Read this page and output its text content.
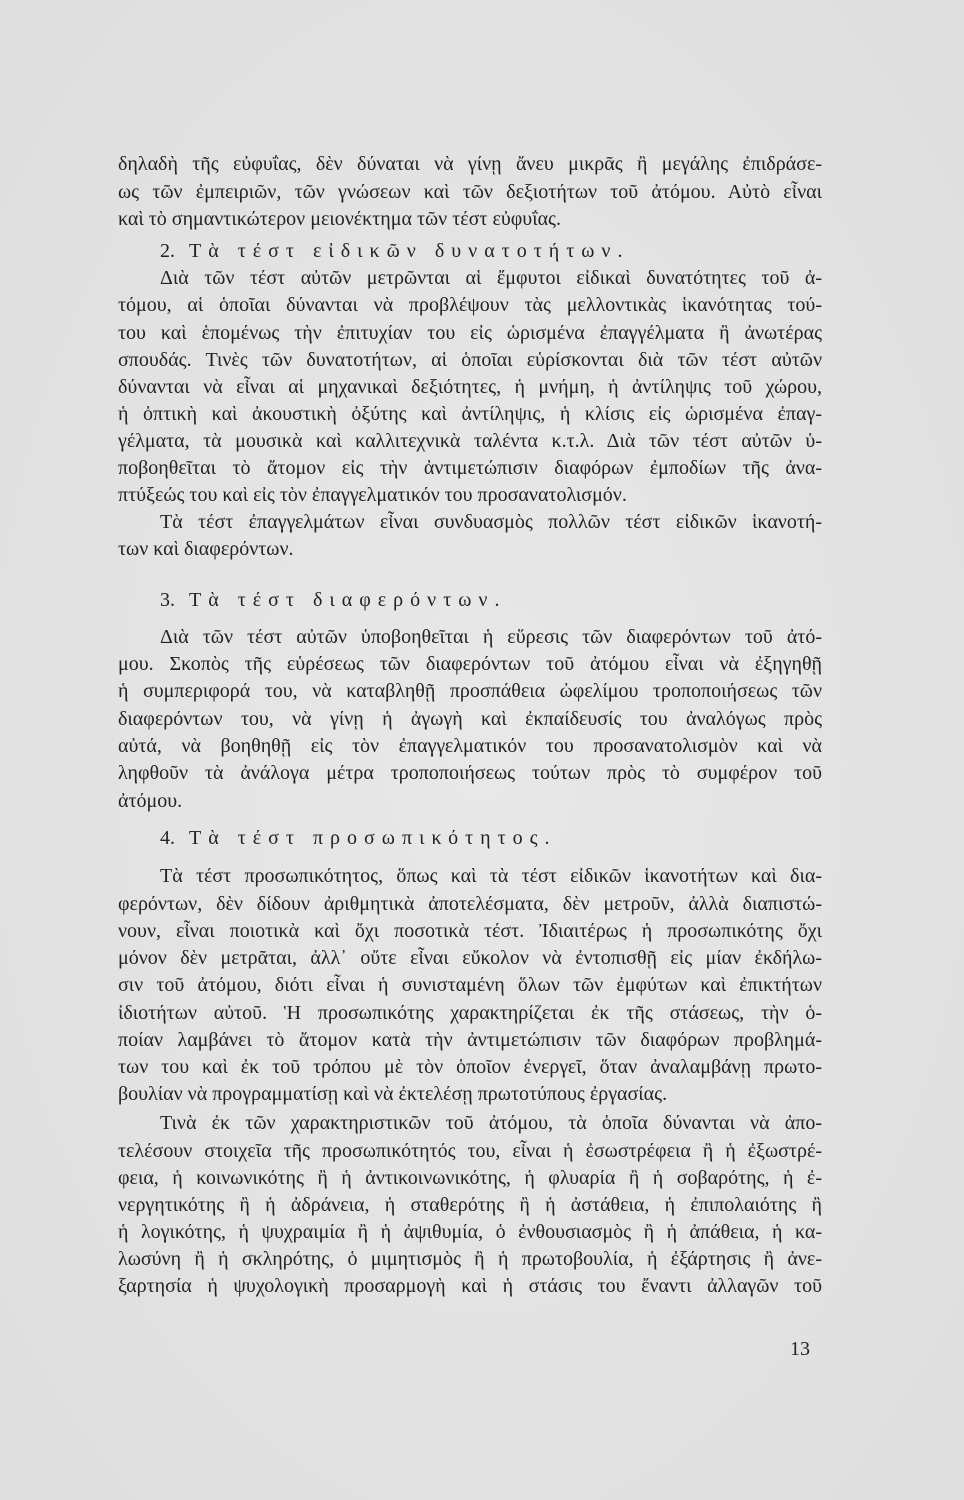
13
δηλαδὴ τῆς εὐφυΐας, δὲν δύναται νὰ γίνῃ ἄνευ μικρᾶς ἢ μεγάλης ἐπιδράσε-
ως τῶν ἐμπειριῶν, τῶν γνώσεων καὶ τῶν δεξιοτήτων τοῦ ἀτόμου. Αὐτὸ εἶναι
καὶ τὸ σημαντικώτερον μειονέκτημα τῶν τέστ εὐφυΐας.
2. Τὰ τέστ εἰδικῶν δυνατοτήτων.
Διὰ τῶν τέστ αὐτῶν μετρῶνται αἱ ἔμφυτοι εἰδικαὶ δυνατότητες τοῦ ἀ-
τόμου, αἱ ὁποῖαι δύνανται νὰ προβλέψουν τὰς μελλοντικὰς ἱκανότητας τού-
του καὶ ἑπομένως τὴν ἐπιτυχίαν του εἰς ὡρισμένα ἐπαγγέλματα ἢ ἀνωτέρας
σπουδάς. Τινὲς τῶν δυνατοτήτων, αἱ ὁποῖαι εὑρίσκονται διὰ τῶν τέστ αὐτῶν
δύνανται νὰ εἶναι αἱ μηχανικαὶ δεξιότητες, ἡ μνήμη, ἡ ἀντίληψις τοῦ χώρου,
ἡ ὀπτικὴ καὶ ἀκουστικὴ ὀξύτης καὶ ἀντίληψις, ἡ κλίσις εἰς ὡρισμένα ἐπαγ-
γέλματα, τὰ μουσικὰ καὶ καλλιτεχνικὰ ταλέντα κ.τ.λ. Διὰ τῶν τέστ αὐτῶν ὑ-
ποβοηθεῖται τὸ ἄτομον εἰς τὴν ἀντιμετώπισιν διαφόρων ἐμποδίων τῆς ἀνα-
πτύξεώς του καὶ εἰς τὸν ἐπαγγελματικόν του προσανατολισμόν.
Τὰ τέστ ἐπαγγελμάτων εἶναι συνδυασμὸς πολλῶν τέστ εἰδικῶν ἱκανοτή-
των καὶ διαφερόντων.
3. Τὰ τέστ διαφερόντων.
Διὰ τῶν τέστ αὐτῶν ὑποβοηθεῖται ἡ εὕρεσις τῶν διαφερόντων τοῦ ἀτό-
μου. Σκοπὸς τῆς εὑρέσεως τῶν διαφερόντων τοῦ ἀτόμου εἶναι νὰ ἐξηγηθῇ
ἡ συμπεριφορά του, νὰ καταβληθῇ προσπάθεια ὠφελίμου τροποποιήσεως τῶν
διαφερόντων του, νὰ γίνῃ ἡ ἀγωγὴ καὶ ἐκπαίδευσίς του ἀναλόγως πρὸς
αὐτά, νὰ βοηθηθῇ εἰς τὸν ἐπαγγελματικόν του προσανατολισμὸν καὶ νὰ
ληφθοῦν τὰ ἀνάλογα μέτρα τροποποιήσεως τούτων πρὸς τὸ συμφέρον τοῦ
ἀτόμου.
4. Τὰ τέστ προσωπικότητος.
Τὰ τέστ προσωπικότητος, ὅπως καὶ τὰ τέστ εἰδικῶν ἱκανοτήτων καὶ δια-
φερόντων, δὲν δίδουν ἀριθμητικὰ ἀποτελέσματα, δὲν μετροῦν, ἀλλὰ διαπιστώ-
νουν, εἶναι ποιοτικὰ καὶ ὄχι ποσοτικὰ τέστ. Ἰδιαιτέρως ἡ προσωπικότης ὄχι
μόνον δὲν μετρᾶται, ἀλλ᾽ οὔτε εἶναι εὔκολον νὰ ἐντοπισθῇ εἰς μίαν ἐκδήλω-
σιν τοῦ ἀτόμου, διότι εἶναι ἡ συνισταμένη ὅλων τῶν ἐμφύτων καὶ ἐπικτήτων
ἰδιοτήτων αὐτοῦ. Ἡ προσωπικότης χαρακτηρίζεται ἐκ τῆς στάσεως, τὴν ὁ-
ποίαν λαμβάνει τὸ ἄτομον κατὰ τὴν ἀντιμετώπισιν τῶν διαφόρων προβλημά-
των του καὶ ἐκ τοῦ τρόπου μὲ τὸν ὁποῖον ἐνεργεῖ, ὅταν ἀναλαμβάνῃ πρωτο-
βουλίαν νὰ προγραμματίσῃ καὶ νὰ ἐκτελέσῃ πρωτοτύπους ἐργασίας.
Τινὰ ἐκ τῶν χαρακτηριστικῶν τοῦ ἀτόμου, τὰ ὁποῖα δύνανται νὰ ἀπο-
τελέσουν στοιχεῖα τῆς προσωπικότητός του, εἶναι ἡ ἐσωστρέφεια ἢ ἡ ἐξωστρέ-
φεια, ἡ κοινωνικότης ἢ ἡ ἀντικοινωνικότης, ἡ φλυαρία ἢ ἡ σοβαρότης, ἡ ἐ-
νεργητικότης ἢ ἡ ἀδράνεια, ἡ σταθερότης ἢ ἡ ἀστάθεια, ἡ ἐπιπολαιότης ἢ
ἡ λογικότης, ἡ ψυχραιμία ἢ ἡ ἀψιθυμία, ὁ ἐνθουσιασμὸς ἢ ἡ ἀπάθεια, ἡ κα-
λωσύνη ἢ ἡ σκληρότης, ὁ μιμητισμὸς ἢ ἡ πρωτοβουλία, ἡ ἐξάρτησις ἢ ἀνε-
ξαρτησία ἡ ψυχολογικὴ προσαρμογὴ καὶ ἡ στάσις του ἔναντι ἀλλαγῶν τοῦ
